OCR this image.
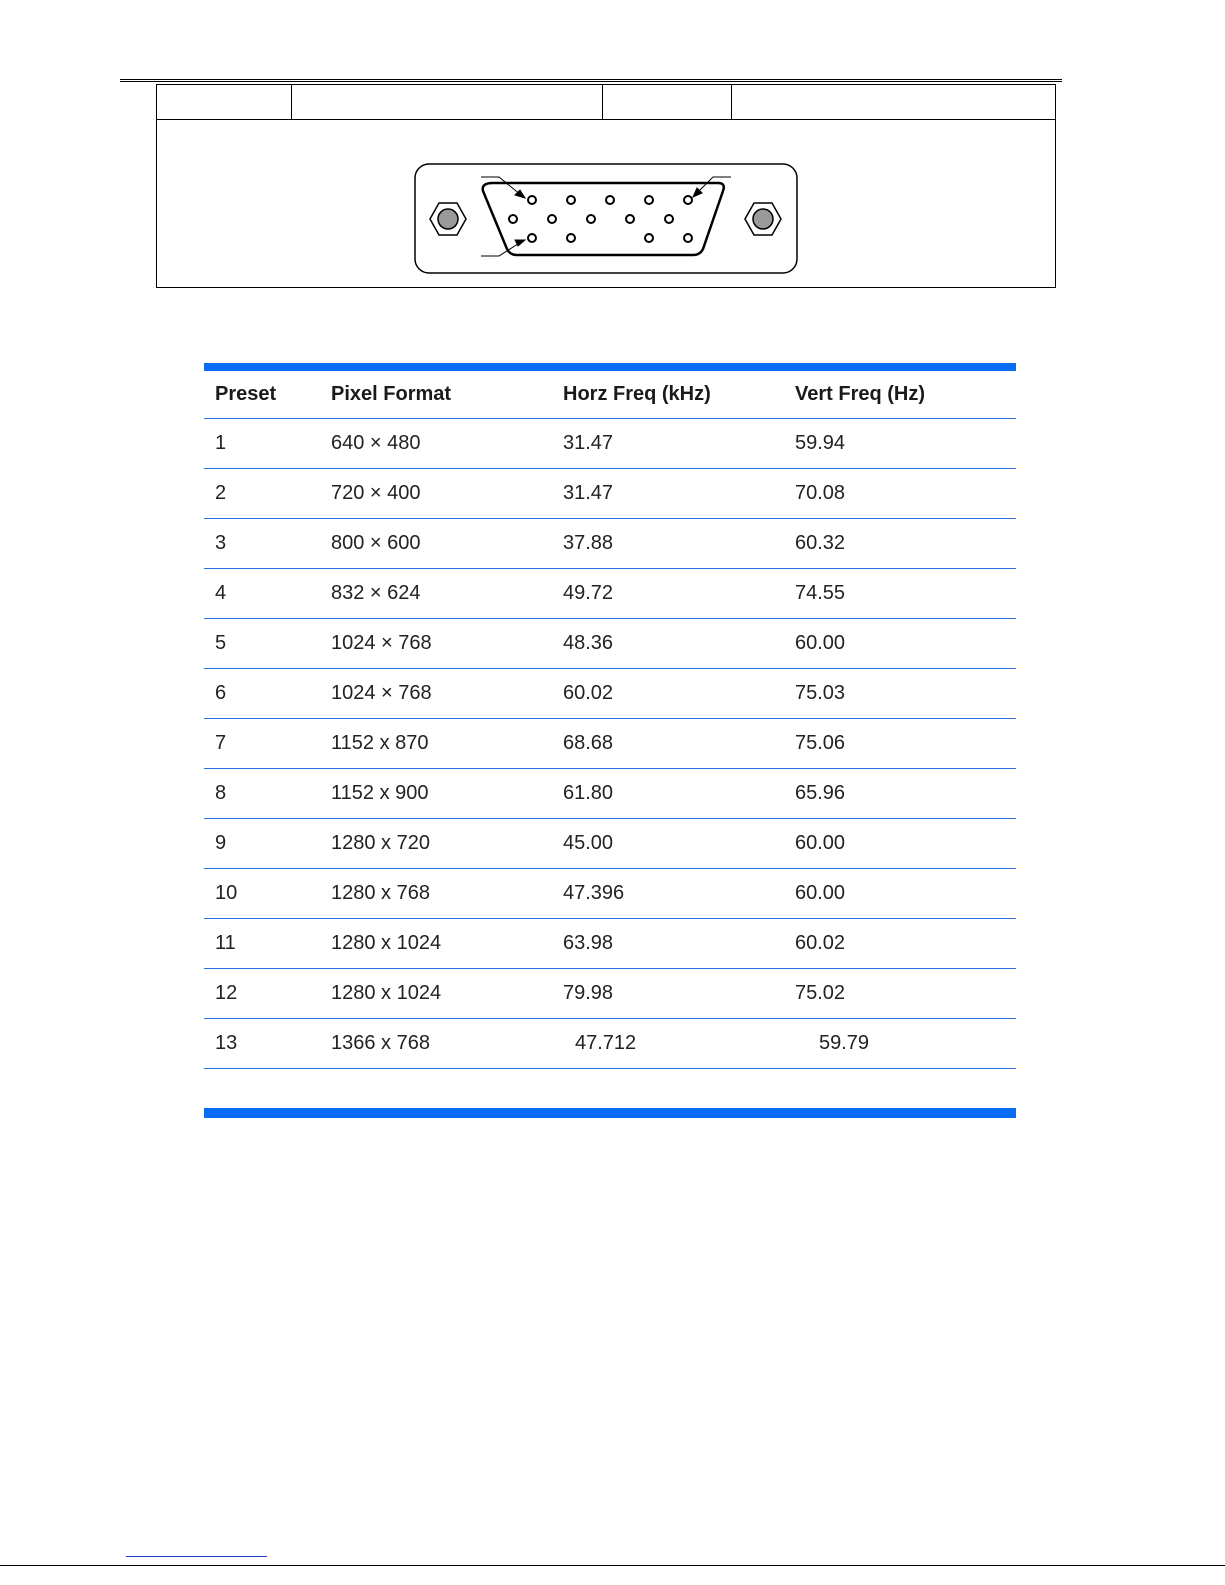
Preset	Pixel Format	Horz Freq (kHz)	Vert Freq (Hz)
1	640 × 480	31.47	59.94
2	720 × 400	31.47	70.08
3	800 × 600	37.88	60.32
4	832 × 624	49.72	74.55
5	1024 × 768	48.36	60.00
6	1024 × 768	60.02	75.03
7	1152 x 870	68.68	75.06
8	1152 x 900	61.80	65.96
9	1280 x 720	45.00	60.00
10	1280 x 768	47.396	60.00
11	1280 x 1024	63.98	60.02
12	1280 x 1024	79.98	75.02
13	1366 x 768	47.712	59.79
